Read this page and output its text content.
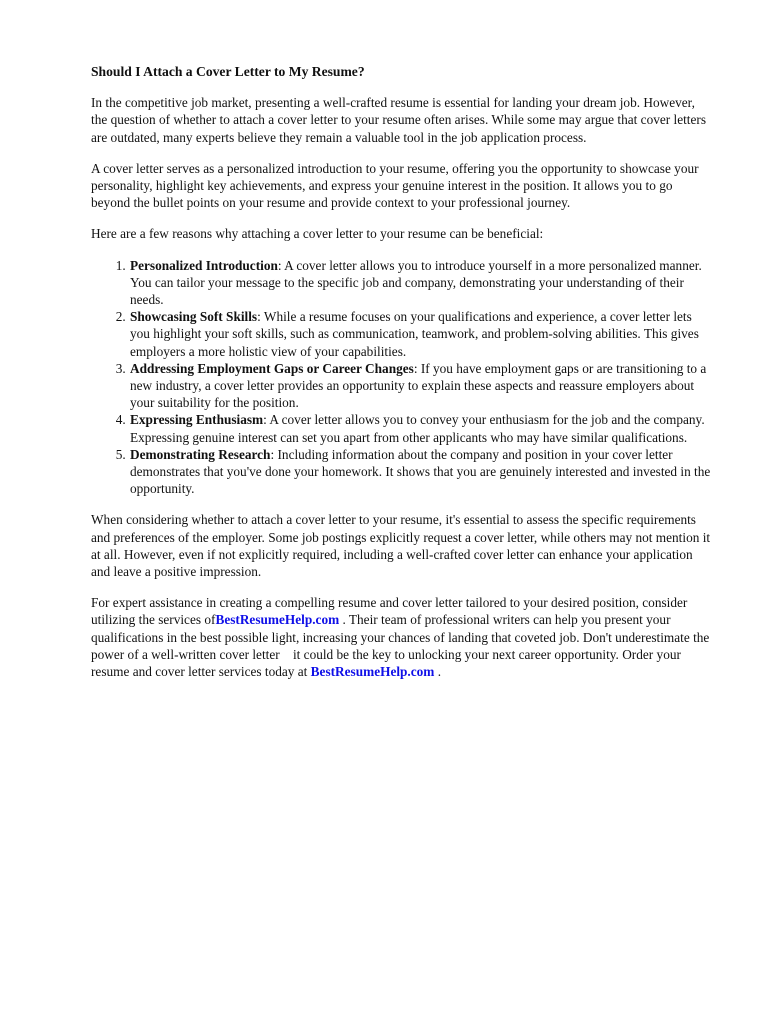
Should I Attach a Cover Letter to My Resume?

In the competitive job market, presenting a well-crafted resume is essential for landing your dream job. However, the question of whether to attach a cover letter to your resume often arises. While some may argue that cover letters are outdated, many experts believe they remain a valuable tool in the job application process.

A cover letter serves as a personalized introduction to your resume, offering you the opportunity to showcase your personality, highlight key achievements, and express your genuine interest in the position. It allows you to go beyond the bullet points on your resume and provide context to your professional journey.

Here are a few reasons why attaching a cover letter to your resume can be beneficial:

1. Personalized Introduction: A cover letter allows you to introduce yourself in a more personalized manner. You can tailor your message to the specific job and company, demonstrating your understanding of their needs.
2. Showcasing Soft Skills: While a resume focuses on your qualifications and experience, a cover letter lets you highlight your soft skills, such as communication, teamwork, and problem-solving abilities. This gives employers a more holistic view of your capabilities.
3. Addressing Employment Gaps or Career Changes: If you have employment gaps or are transitioning to a new industry, a cover letter provides an opportunity to explain these aspects and reassure employers about your suitability for the position.
4. Expressing Enthusiasm: A cover letter allows you to convey your enthusiasm for the job and the company. Expressing genuine interest can set you apart from other applicants who may have similar qualifications.
5. Demonstrating Research: Including information about the company and position in your cover letter demonstrates that you've done your homework. It shows that you are genuinely interested and invested in the opportunity.

When considering whether to attach a cover letter to your resume, it's essential to assess the specific requirements and preferences of the employer. Some job postings explicitly request a cover letter, while others may not mention it at all. However, even if not explicitly required, including a well-crafted cover letter can enhance your application and leave a positive impression.

For expert assistance in creating a compelling resume and cover letter tailored to your desired position, consider utilizing the services ofBestResumeHelp.com . Their team of professional writers can help you present your qualifications in the best possible light, increasing your chances of landing that coveted job. Don't underestimate the power of a well-written cover letter    it could be the key to unlocking your next career opportunity. Order your resume and cover letter services today at BestResumeHelp.com .
